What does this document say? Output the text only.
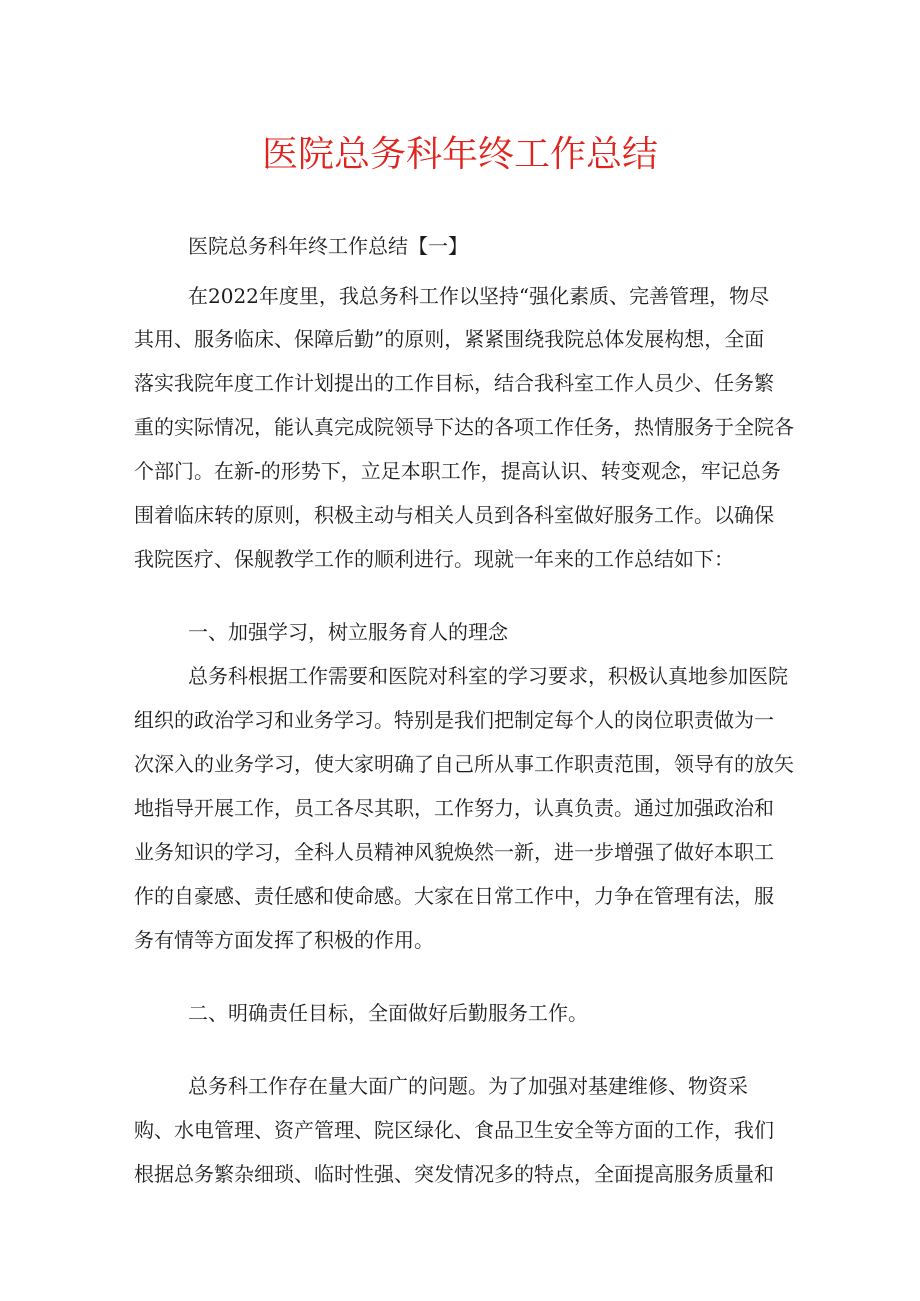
医院总务科年终工作总结

医院总务科年终工作总结【一】

在2022年度里，我总务科工作以坚持“强化素质、完善管理，物尽

其用、服务临床、保障后勤”的原则，紧紧围绕我院总体发展构想，全面

落实我院年度工作计划提出的工作目标，结合我科室工作人员少、任务繁

重的实际情况，能认真完成院领导下达的各项工作任务，热情服务于全院各

个部门。在新-的形势下，立足本职工作，提高认识、转变观念，牢记总务

围着临床转的原则，积极主动与相关人员到各科室做好服务工作。以确保

我院医疗、保舰教学工作的顺利进行。现就一年来的工作总结如下：

一、加强学习，树立服务育人的理念

总务科根据工作需要和医院对科室的学习要求，积极认真地参加医院

组织的政治学习和业务学习。特别是我们把制定每个人的岗位职责做为一

次深入的业务学习，使大家明确了自己所从事工作职责范围，领导有的放矢

地指导开展工作，员工各尽其职，工作努力，认真负责。通过加强政治和

业务知识的学习，全科人员精神风貌焕然一新，进一步增强了做好本职工

作的自豪感、责任感和使命感。大家在日常工作中，力争在管理有法，服

务有情等方面发挥了积极的作用。

二、明确责任目标，全面做好后勤服务工作。

总务科工作存在量大面广的问题。为了加强对基建维修、物资采

购、水电管理、资产管理、院区绿化、食品卫生安全等方面的工作，我们

根据总务繁杂细琐、临时性强、突发情况多的特点，全面提高服务质量和
